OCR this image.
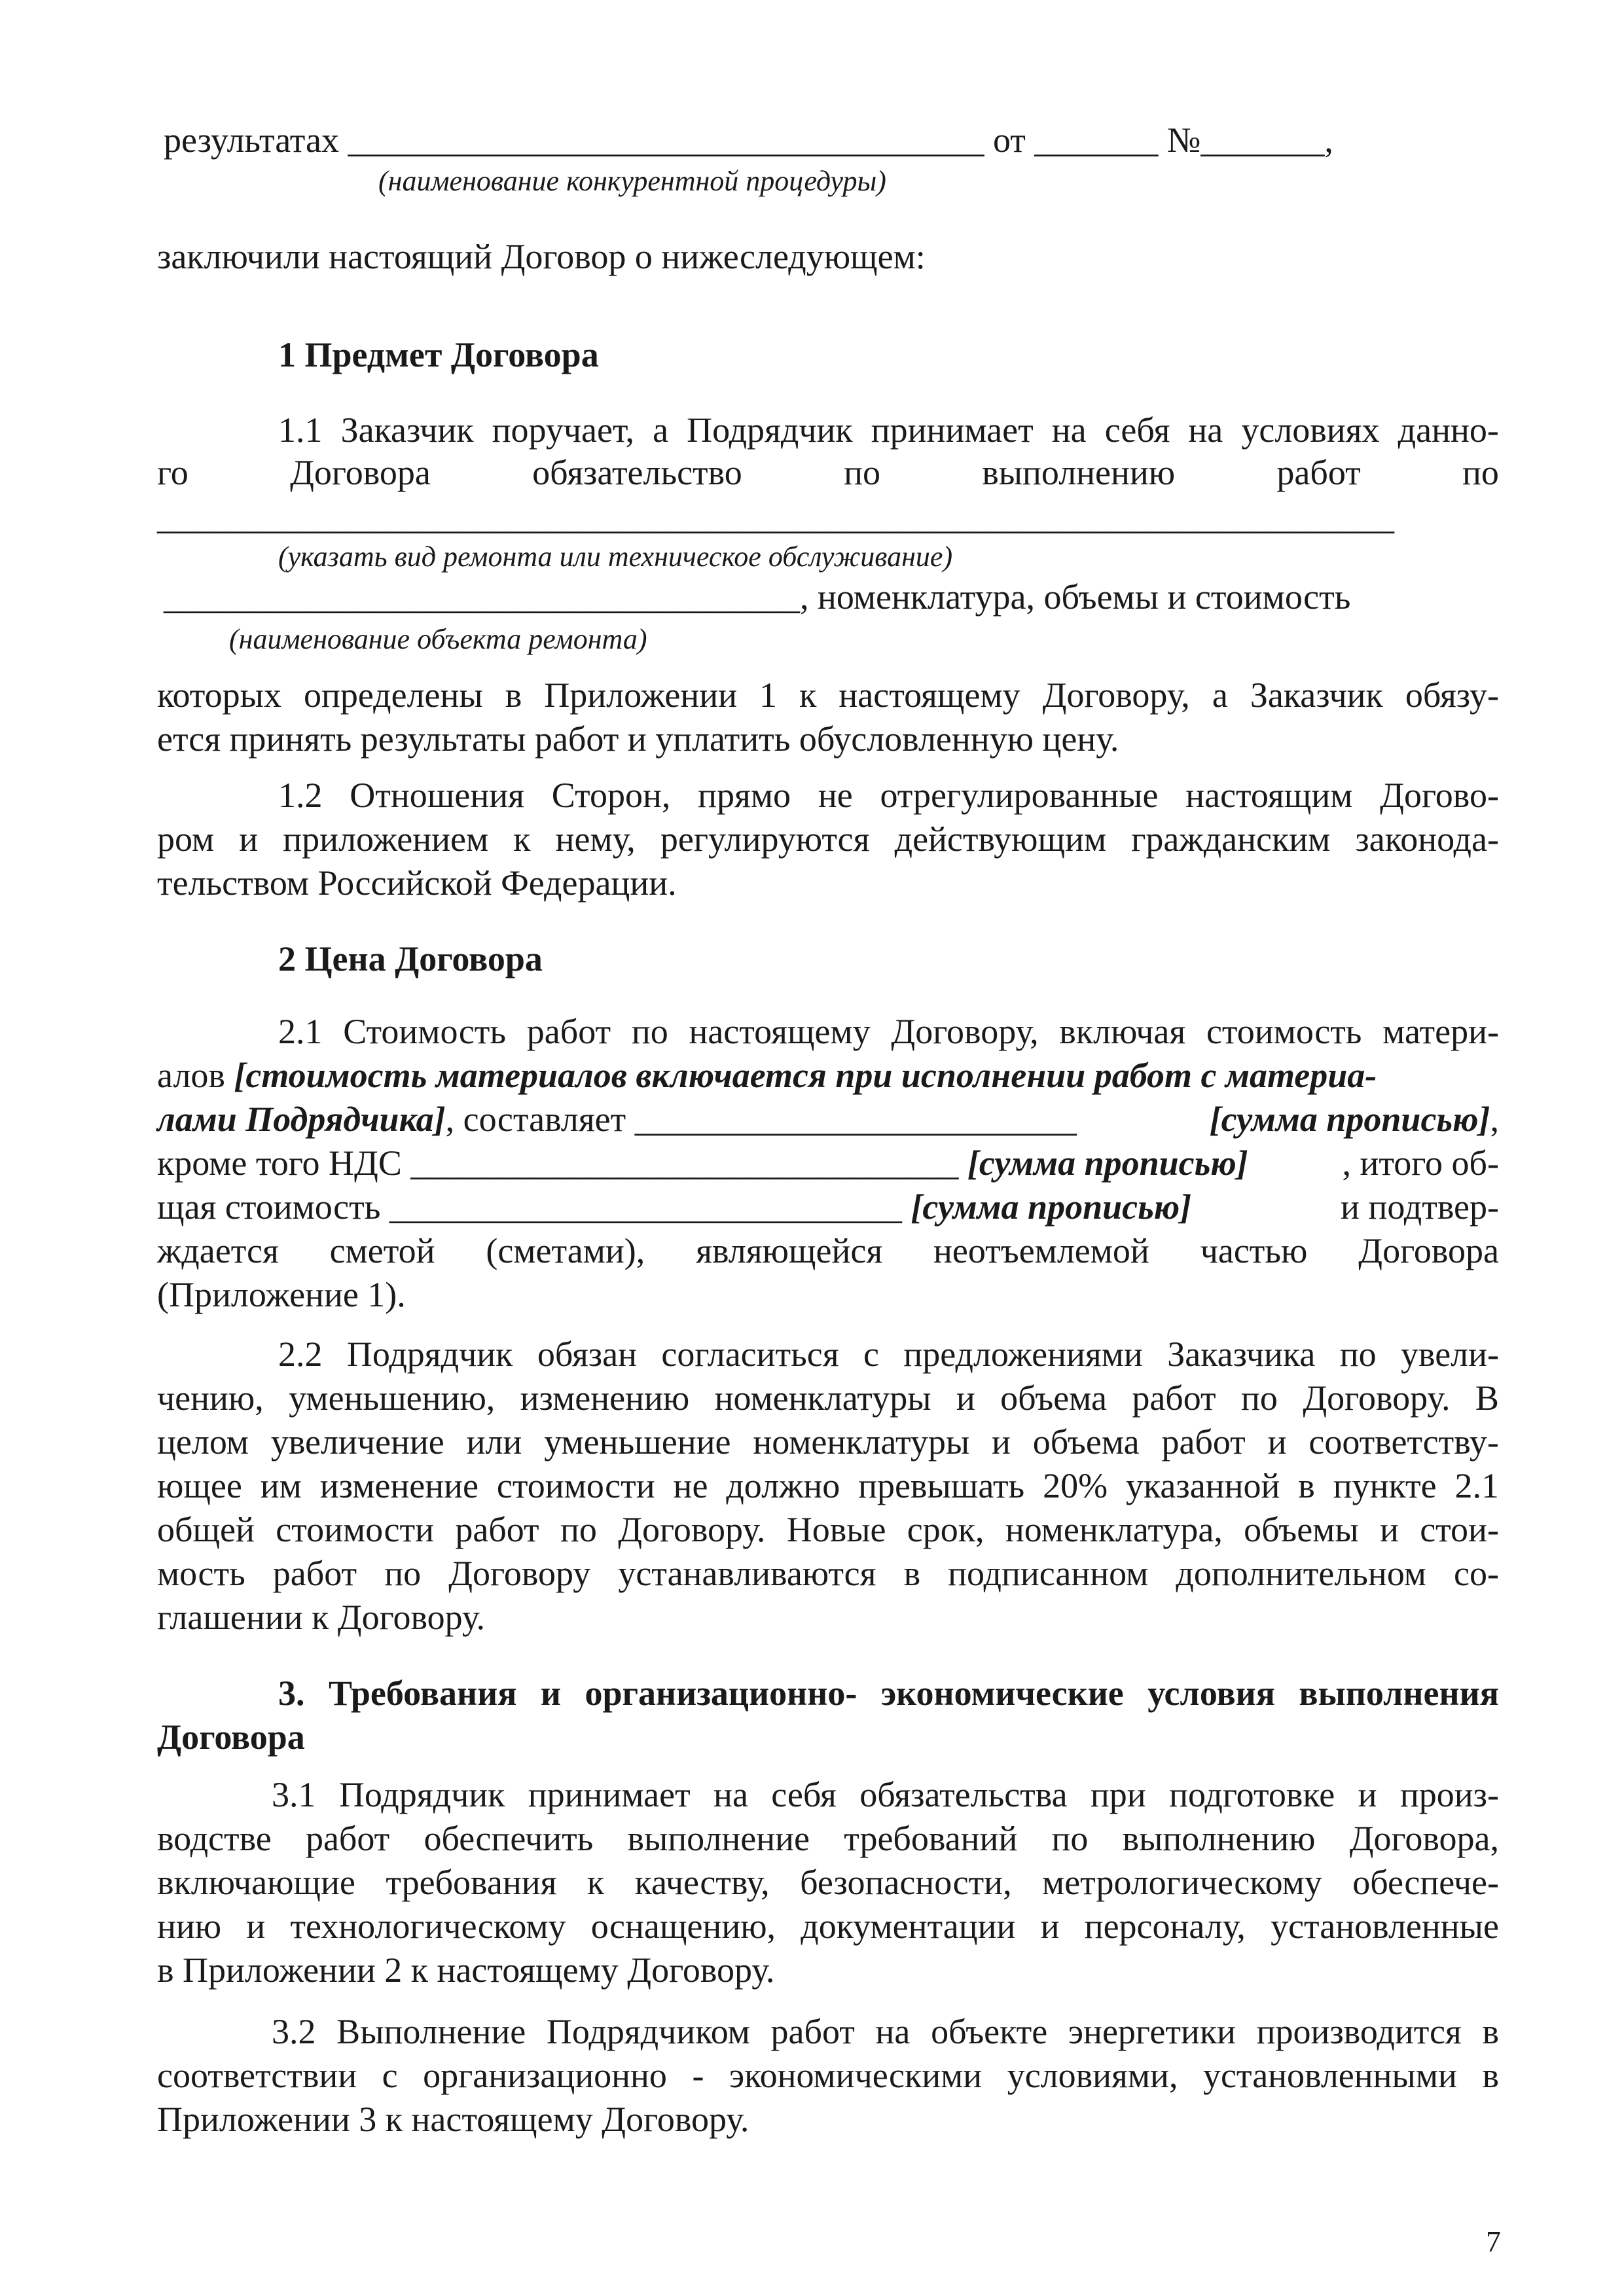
результатах ____________________________________ от _______ №_______,
(наименование конкурентной процедуры)
заключили настоящий Договор о нижеследующем:
1 Предмет Договора
1.1 Заказчик поручает, а Подрядчик принимает на себя на условиях данно-
го	Договора	обязательство	по	выполнению	работ	по
______________________________________________________________________
(указать вид ремонта или техническое обслуживание)
____________________________________, номенклатура, объемы и стоимость
(наименование объекта ремонта)
которых определены в Приложении 1 к настоящему Договору, а Заказчик обязу-
ется принять результаты работ и уплатить обусловленную цену.
1.2 Отношения Сторон, прямо не отрегулированные настоящим Догово-
ром и приложением к нему, регулируются действующим гражданским законода-
тельством Российской Федерации.
2 Цена Договора
2.1 Стоимость работ по настоящему Договору, включая стоимость матери-
алов [стоимость материалов включается при исполнении работ с материа-
лами Подрядчика], составляет _________________________	[сумма прописью],
кроме того НДС _______________________________ [сумма прописью]	, итого об-
щая стоимость _____________________________ [сумма прописью]	и подтвер-
ждается сметой (сметами), являющейся неотъемлемой частью Договора
(Приложение 1).
2.2 Подрядчик обязан согласиться с предложениями Заказчика по увели-
чению, уменьшению, изменению номенклатуры и объема работ по Договору. В
целом увеличение или уменьшение номенклатуры и объема работ и соответству-
ющее им изменение стоимости не должно превышать 20% указанной в пункте 2.1
общей стоимости работ по Договору. Новые срок, номенклатура, объемы и стои-
мость работ по Договору устанавливаются в подписанном дополнительном со-
глашении к Договору.
3. Требования и организационно- экономические условия выполнения
Договора
3.1 Подрядчик принимает на себя обязательства при подготовке и произ-
водстве работ обеспечить выполнение требований по выполнению Договора,
включающие требования к качеству, безопасности, метрологическому обеспече-
нию и технологическому оснащению, документации и персоналу, установленные
в Приложении 2 к настоящему Договору.
3.2 Выполнение Подрядчиком работ на объекте энергетики производится в
соответствии с организационно - экономическими условиями, установленными в
Приложении 3 к настоящему Договору.
7
